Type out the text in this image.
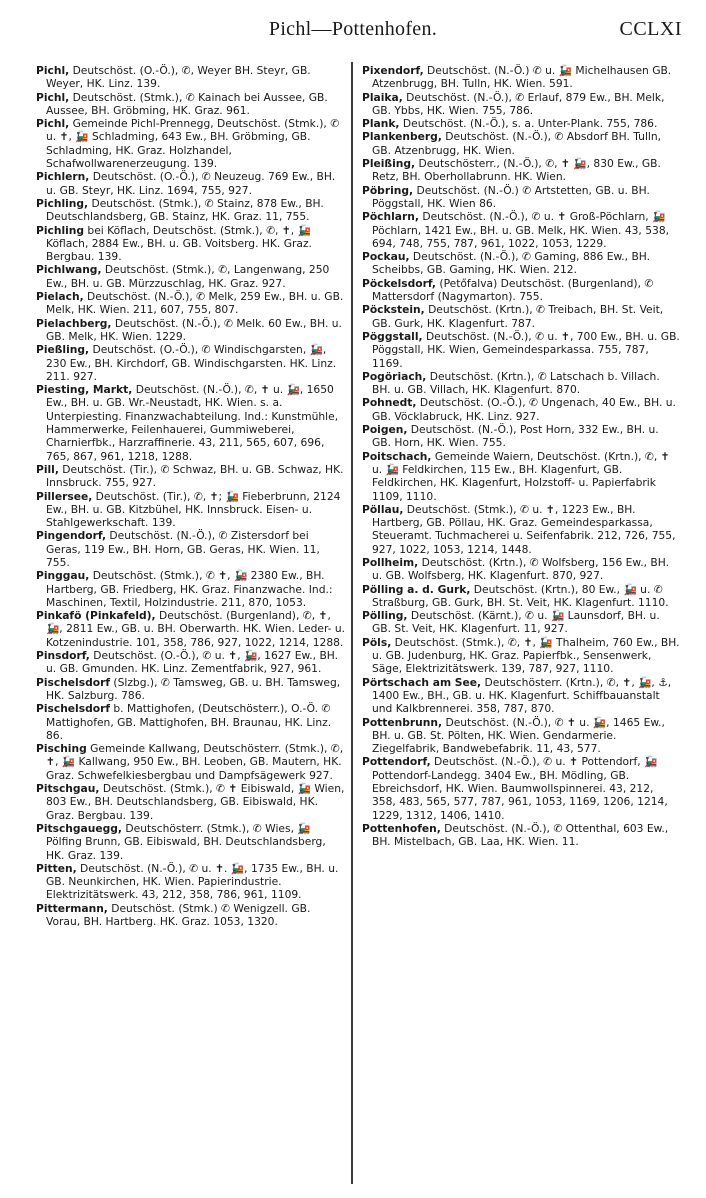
Pichl—Pottenhofen.	CCLXI

Pichl, Deutschöst. (O.-Ö.), ✆, Weyer BH. Steyr, GB. Weyer, HK. Linz. 139.

Pichl, Deutschöst. (Stmk.), ✆ Kainach bei Aussee, GB. Aussee, BH. Gröbming, HK. Graz. 961.

Pichl, Gemeinde Pichl-Prennegg, Deutschöst. (Stmk.), ✆ u. ✝, 🚂 Schladming, 643 Ew., BH. Gröbming, GB. Schladming, HK. Graz. Holzhandel, Schafwollwarenerzeugung. 139.

Pichlern, Deutschöst. (O.-Ö.), ✆ Neuzeug. 769 Ew., BH. u. GB. Steyr, HK. Linz. 1694, 755, 927.

Pichling, Deutschöst. (Stmk.), ✆ Stainz, 878 Ew., BH. Deutschlandsberg, GB. Stainz, HK. Graz. 11, 755.

Pichling bei Köflach, Deutschöst. (Stmk.), ✆, ✝, 🚂 Köflach, 2884 Ew., BH. u. GB. Voitsberg. HK. Graz. Bergbau. 139.

Pichlwang, Deutschöst. (Stmk.), ✆, Langenwang, 250 Ew., BH. u. GB. Mürzzuschlag, HK. Graz. 927.

Pielach, Deutschöst. (N.-Ö.), ✆ Melk, 259 Ew., BH. u. GB. Melk, HK. Wien. 211, 607, 755, 807.

Pielachberg, Deutschöst. (N.-Ö.), ✆ Melk. 60 Ew., BH. u. GB. Melk, HK. Wien. 1229.

Pießling, Deutschöst. (O.-Ö.), ✆ Windischgarsten, 🚂, 230 Ew., BH. Kirchdorf, GB. Windischgarsten. HK. Linz. 211. 927.

Piesting, Markt, Deutschöst. (N.-Ö.), ✆, ✝ u. 🚂, 1650 Ew., BH. u. GB. Wr.-Neustadt, HK. Wien. s. a. Unterpiesting. Finanzwachabteilung. Ind.: Kunstmühle, Hammerwerke, Feilenhauerei, Gummiweberei, Charnierfbk., Harzraffinerie. 43, 211, 565, 607, 696, 765, 867, 961, 1218, 1288.

Pill, Deutschöst. (Tir.), ✆ Schwaz, BH. u. GB. Schwaz, HK. Innsbruck. 755, 927.

Pillersee, Deutschöst. (Tir.), ✆, ✝; 🚂 Fieberbrunn, 2124 Ew., BH. u. GB. Kitzbühel, HK. Innsbruck. Eisen- u. Stahlgewerkschaft. 139.

Pingendorf, Deutschöst. (N.-Ö.), ✆ Zistersdorf bei Geras, 119 Ew., BH. Horn, GB. Geras, HK. Wien. 11, 755.

Pinggau, Deutschöst. (Stmk.), ✆ ✝, 🚂 2380 Ew., BH. Hartberg, GB. Friedberg, HK. Graz. Finanzwache. Ind.: Maschinen, Textil, Holzindustrie. 211, 870, 1053.

Pinkafö (Pinkafeld), Deutschöst. (Burgenland), ✆, ✝, 🚂, 2811 Ew., GB. u. BH. Oberwarth. HK. Wien. Leder- u. Kotzenindustrie. 101, 358, 786, 927, 1022, 1214, 1288.

Pinsdorf, Deutschöst. (O.-Ö.), ✆ u. ✝, 🚂, 1627 Ew., BH. u. GB. Gmunden. HK. Linz. Zementfabrik, 927, 961.

Pischelsdorf (Slzbg.), ✆ Tamsweg, GB. u. BH. Tamsweg, HK. Salzburg. 786.

Pischelsdorf b. Mattighofen, (Deutschösterr.), O.-Ö. ✆ Mattighofen, GB. Mattighofen, BH. Braunau, HK. Linz. 86.

Pisching Gemeinde Kallwang, Deutschösterr. (Stmk.), ✆, ✝, 🚂 Kallwang, 950 Ew., BH. Leoben, GB. Mautern, HK. Graz. Schwefelkiesbergbau und Dampfsägewerk 927.

Pitschgau, Deutschöst. (Stmk.), ✆ ✝ Eibiswald, 🚂 Wien, 803 Ew., BH. Deutschlandsberg, GB. Eibiswald, HK. Graz. Bergbau. 139.

Pitschgauegg, Deutschösterr. (Stmk.), ✆ Wies, 🚂 Pölfing Brunn, GB. Eibiswald, BH. Deutschlandsberg, HK. Graz. 139.

Pitten, Deutschöst. (N.-Ö.), ✆ u. ✝. 🚂, 1735 Ew., BH. u. GB. Neunkirchen, HK. Wien. Papierindustrie. Elektrizitätswerk. 43, 212, 358, 786, 961, 1109.

Pittermann, Deutschöst. (Stmk.) ✆ Wenigzell. GB. Vorau, BH. Hartberg. HK. Graz. 1053, 1320.

Pixendorf, Deutschöst. (N.-Ö.) ✆ u. 🚂 Michelhausen GB. Atzenbrugg, BH. Tulln, HK. Wien. 591.

Plaika, Deutschöst. (N.-Ö.), ✆ Erlauf, 879 Ew., BH. Melk, GB. Ybbs, HK. Wien. 755, 786.

Plank, Deutschöst. (N.-Ö.), s. a. Unter-Plank. 755, 786.

Plankenberg, Deutschöst. (N.-Ö.), ✆ Absdorf BH. Tulln, GB. Atzenbrugg, HK. Wien.

Pleißing, Deutschösterr., (N.-Ö.), ✆, ✝ 🚂, 830 Ew., GB. Retz, BH. Oberhollabrunn. HK. Wien.

Pöbring, Deutschöst. (N.-Ö.) ✆ Artstetten, GB. u. BH. Pöggstall, HK. Wien 86.

Pöchlarn, Deutschöst. (N.-Ö.), ✆ u. ✝ Groß-Pöchlarn, 🚂 Pöchlarn, 1421 Ew., BH. u. GB. Melk, HK. Wien. 43, 538, 694, 748, 755, 787, 961, 1022, 1053, 1229.

Pockau, Deutschöst. (N.-Ö.), ✆ Gaming, 886 Ew., BH. Scheibbs, GB. Gaming, HK. Wien. 212.

Pöckelsdorf, (Petőfalva) Deutschöst. (Burgenland), ✆ Mattersdorf (Nagymarton). 755.

Pöckstein, Deutschöst. (Krtn.), ✆ Treibach, BH. St. Veit, GB. Gurk, HK. Klagenfurt. 787.

Pöggstall, Deutschöst. (N.-Ö.), ✆ u. ✝, 700 Ew., BH. u. GB. Pöggstall, HK. Wien, Gemeindesparkassa. 755, 787, 1169.

Pogöriach, Deutschöst. (Krtn.), ✆ Latschach b. Villach. BH. u. GB. Villach, HK. Klagenfurt. 870.

Pohnedt, Deutschöst. (O.-Ö.), ✆ Ungenach, 40 Ew., BH. u. GB. Vöcklabruck, HK. Linz. 927.

Poigen, Deutschöst. (N.-Ö.), Post Horn, 332 Ew., BH. u. GB. Horn, HK. Wien. 755.

Poitschach, Gemeinde Waiern, Deutschöst. (Krtn.), ✆, ✝ u. 🚂 Feldkirchen, 115 Ew., BH. Klagenfurt, GB. Feldkirchen, HK. Klagenfurt, Holzstoff- u. Papierfabrik 1109, 1110.

Pöllau, Deutschöst. (Stmk.), ✆ u. ✝, 1223 Ew., BH. Hartberg, GB. Pöllau, HK. Graz. Gemeindesparkassa, Steueramt. Tuchmacherei u. Seifenfabrik. 212, 726, 755, 927, 1022, 1053, 1214, 1448.

Pollheim, Deutschöst. (Krtn.), ✆ Wolfsberg, 156 Ew., BH. u. GB. Wolfsberg, HK. Klagenfurt. 870, 927.

Pölling a. d. Gurk, Deutschöst. (Krtn.), 80 Ew., 🚂 u. ✆ Straßburg, GB. Gurk, BH. St. Veit, HK. Klagenfurt. 1110.

Pölling, Deutschöst. (Kärnt.), ✆ u. 🚂 Launsdorf, BH. u. GB. St. Veit, HK. Klagenfurt. 11, 927.

Pöls, Deutschöst. (Stmk.), ✆, ✝, 🚂 Thalheim, 760 Ew., BH. u. GB. Judenburg, HK. Graz. Papierfbk., Sensenwerk, Säge, Elektrizitätswerk. 139, 787, 927, 1110.

Pörtschach am See, Deutschösterr. (Krtn.), ✆, ✝, 🚂, ⚓, 1400 Ew., BH., GB. u. HK. Klagenfurt. Schiffbauanstalt und Kalkbrennerei. 358, 787, 870.

Pottenbrunn, Deutschöst. (N.-Ö.), ✆ ✝ u. 🚂, 1465 Ew., BH. u. GB. St. Pölten, HK. Wien. Gendarmerie. Ziegelfabrik, Bandwebefabrik. 11, 43, 577.

Pottendorf, Deutschöst. (N.-Ö.), ✆ u. ✝ Pottendorf, 🚂 Pottendorf-Landegg. 3404 Ew., BH. Mödling, GB. Ebreichsdorf, HK. Wien. Baumwollspinnerei. 43, 212, 358, 483, 565, 577, 787, 961, 1053, 1169, 1206, 1214, 1229, 1312, 1406, 1410.

Pottenhofen, Deutschöst. (N.-Ö.), ✆ Ottenthal, 603 Ew., BH. Mistelbach, GB. Laa, HK. Wien. 11.
